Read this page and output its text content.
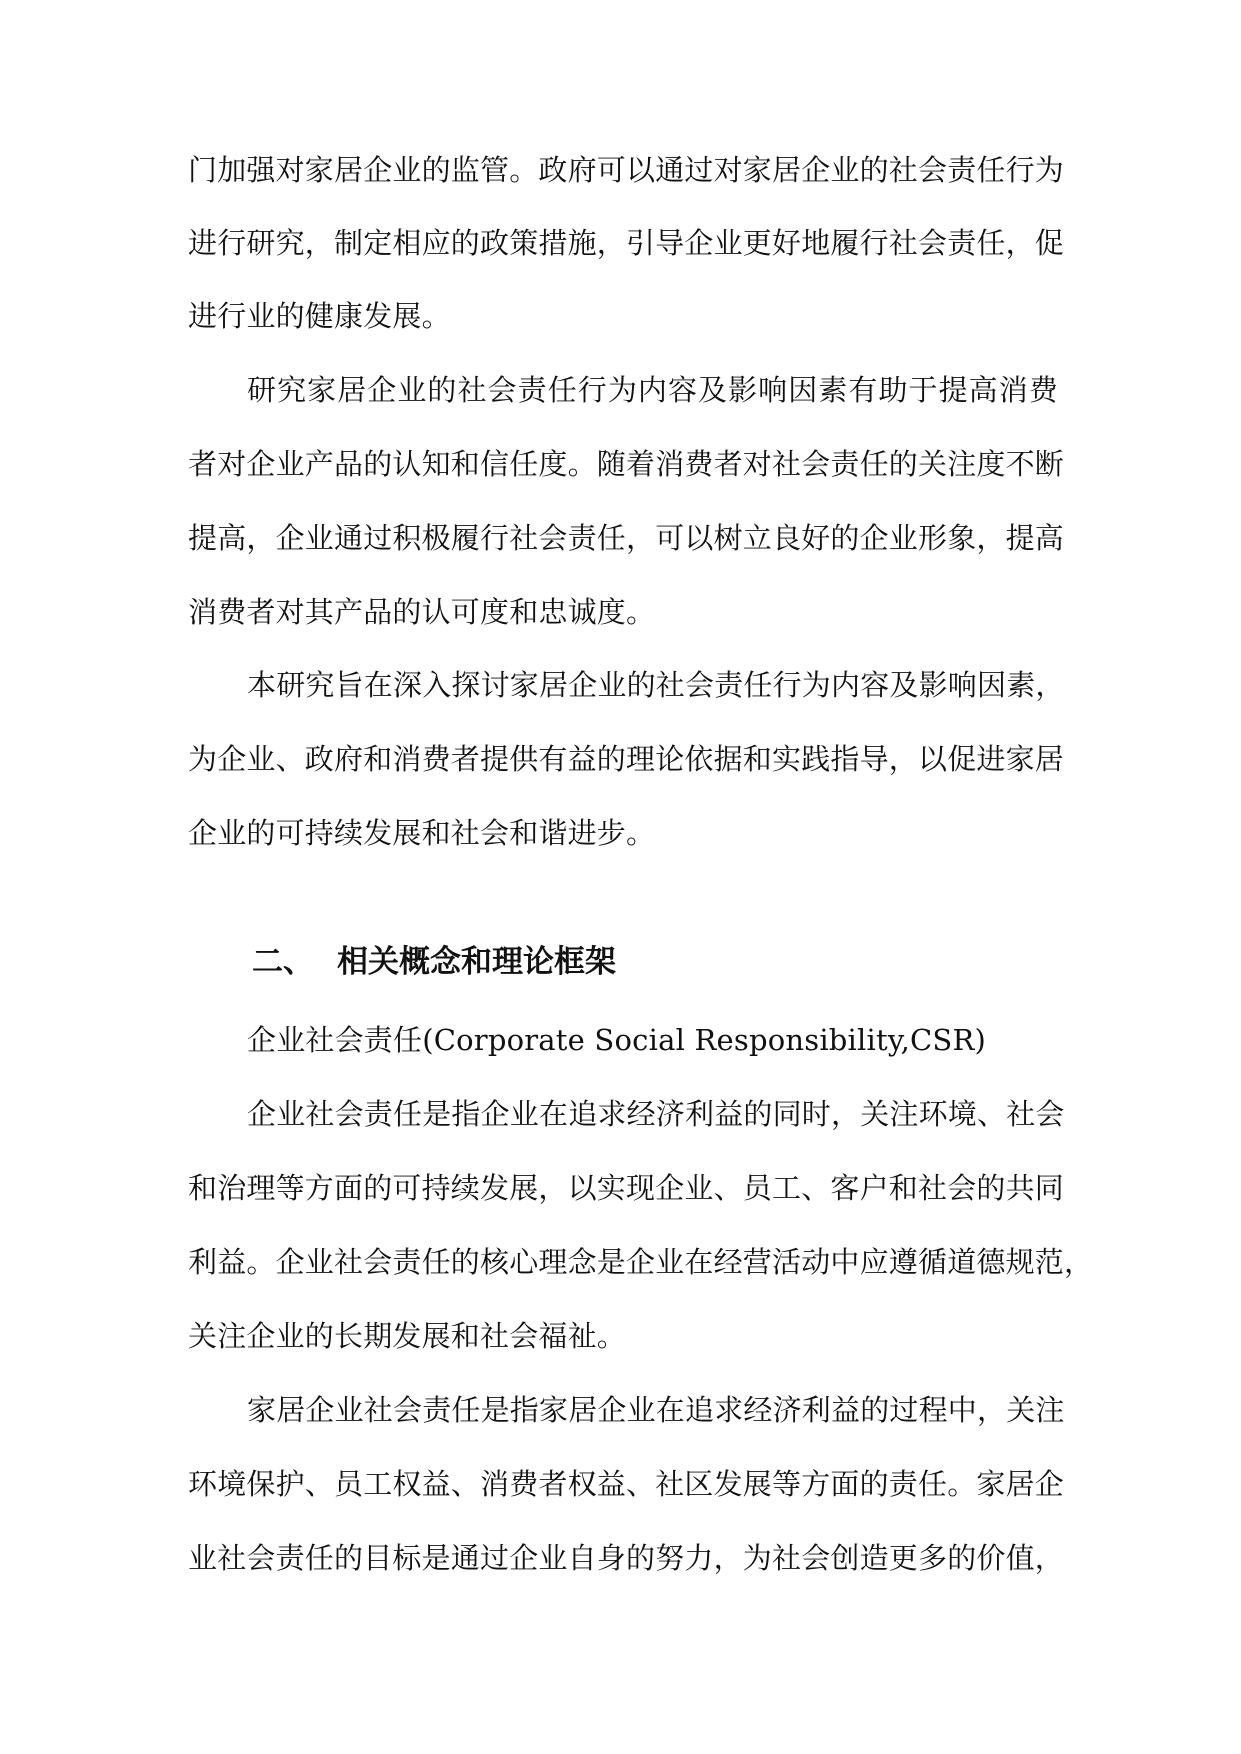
门加强对家居企业的监管。政府可以通过对家居企业的社会责任行为
进行研究，制定相应的政策措施，引导企业更好地履行社会责任，促
进行业的健康发展。
研究家居企业的社会责任行为内容及影响因素有助于提高消费
者对企业产品的认知和信任度。随着消费者对社会责任的关注度不断
提高，企业通过积极履行社会责任，可以树立良好的企业形象，提高
消费者对其产品的认可度和忠诚度。
本研究旨在深入探讨家居企业的社会责任行为内容及影响因素，
为企业、政府和消费者提供有益的理论依据和实践指导，以促进家居
企业的可持续发展和社会和谐进步。
二、 相关概念和理论框架
企业社会责任(Corporate Social Responsibility,CSR)
企业社会责任是指企业在追求经济利益的同时，关注环境、社会
和治理等方面的可持续发展，以实现企业、员工、客户和社会的共同
利益。企业社会责任的核心理念是企业在经营活动中应遵循道德规范，
关注企业的长期发展和社会福祉。
家居企业社会责任是指家居企业在追求经济利益的过程中，关注
环境保护、员工权益、消费者权益、社区发展等方面的责任。家居企
业社会责任的目标是通过企业自身的努力，为社会创造更多的价值，
